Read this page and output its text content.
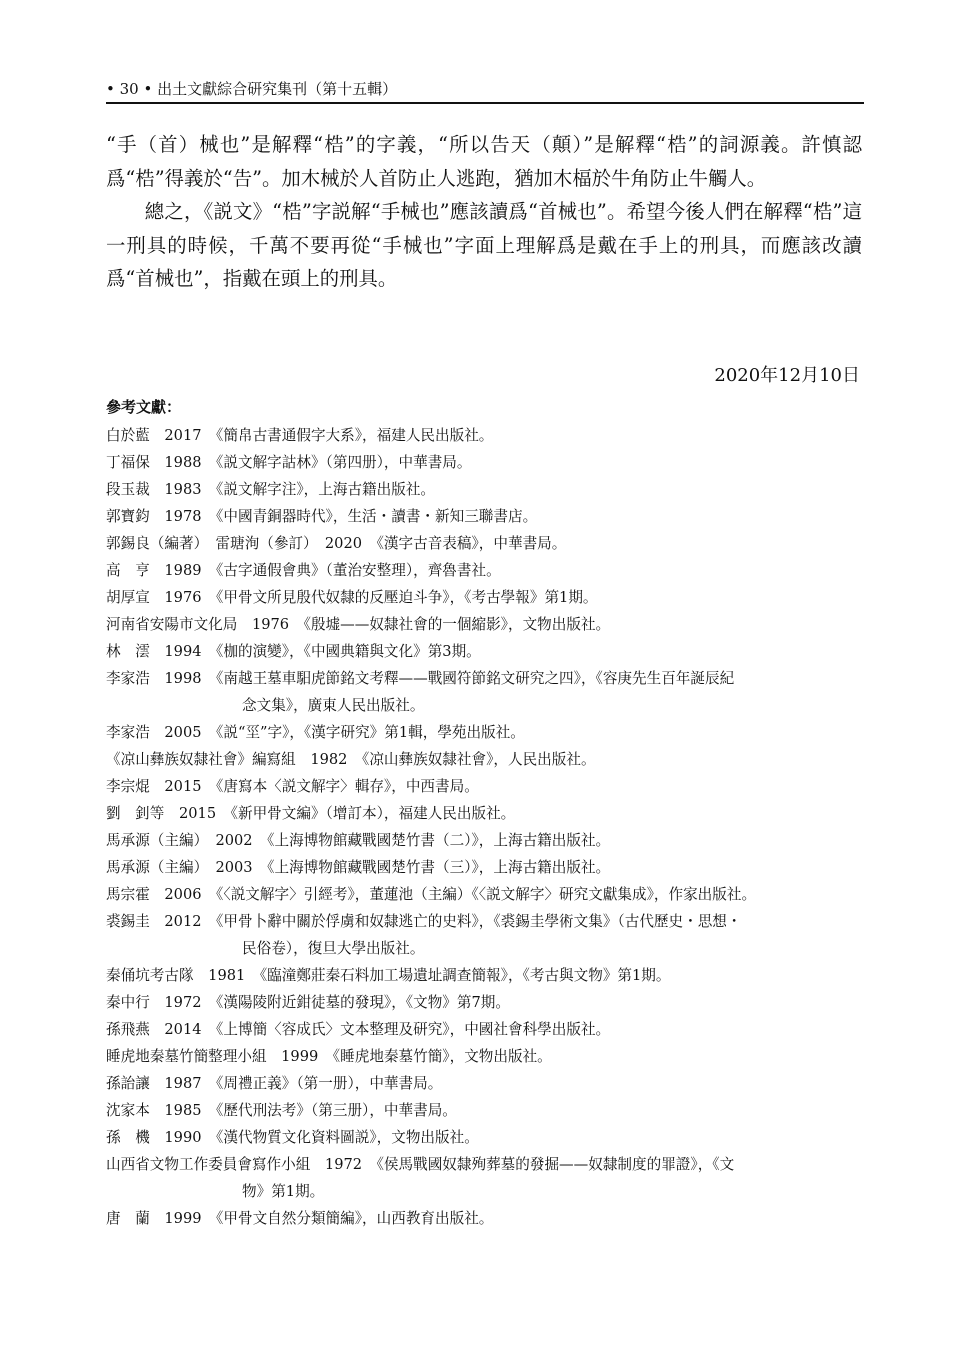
• 30 • 出土文獻綜合研究集刊（第十五輯）

“手（首）械也”是解釋“梏”的字義，“所以告天（顛）”是解釋“梏”的詞源義。許慎認爲“梏”得義於“告”。加木械於人首防止人逃跑，猶加木楅於牛角防止牛觸人。

總之，《説文》“梏”字説解“手械也”應該讀爲“首械也”。希望今後人們在解釋“梏”這一刑具的時候，千萬不要再從“手械也”字面上理解爲是戴在手上的刑具，而應該改讀爲“首械也”，指戴在頭上的刑具。

2020年12月10日
參考文獻：
白於藍　2017　《簡帛古書通假字大系》，福建人民出版社。
丁福保　1988　《説文解字詁林》（第四册），中華書局。
段玉裁　1983　《説文解字注》，上海古籍出版社。
郭寶鈞　1978　《中國青銅器時代》，生活・讀書・新知三聯書店。
郭錫良（編著）　雷瑭洵（參訂）　2020　《漢字古音表稿》，中華書局。
高　亨　1989　《古字通假會典》（董治安整理），齊魯書社。
胡厚宣　1976　《甲骨文所見殷代奴隸的反壓迫斗争》，《考古學報》第1期。
河南省安陽市文化局　1976　《殷墟——奴隸社會的一個縮影》，文物出版社。
林　澐　1994　《枷的演變》，《中國典籍與文化》第3期。
李家浩　1998　《南越王墓車馹虎節銘文考釋——戰國符節銘文研究之四》，《容庚先生百年誕辰紀
念文集》，廣東人民出版社。
李家浩　2005　《説“坙”字》，《漢字研究》第1輯，學苑出版社。
《凉山彝族奴隸社會》編寫組　1982　《凉山彝族奴隸社會》，人民出版社。
李宗焜　2015　《唐寫本〈説文解字〉輯存》，中西書局。
劉　釗等　2015　《新甲骨文編》（增訂本），福建人民出版社。
馬承源（主編）　2002　《上海博物館藏戰國楚竹書（二）》，上海古籍出版社。
馬承源（主編）　2003　《上海博物館藏戰國楚竹書（三）》，上海古籍出版社。
馬宗霍　2006　《〈説文解字〉引經考》，董蓮池（主編）《〈説文解字〉研究文獻集成》，作家出版社。
裘錫圭　2012　《甲骨卜辭中關於俘虜和奴隸逃亡的史料》，《裘錫圭學術文集》（古代歷史・思想・
民俗卷），復旦大學出版社。
秦俑坑考古隊　1981　《臨潼鄭莊秦石料加工場遺址調查簡報》，《考古與文物》第1期。
秦中行　1972　《漢陽陵附近鉗徒墓的發現》，《文物》第7期。
孫飛燕　2014　《上博簡〈容成氏〉文本整理及研究》，中國社會科學出版社。
睡虎地秦墓竹簡整理小組　1999　《睡虎地秦墓竹簡》，文物出版社。
孫詒讓　1987　《周禮正義》（第一册），中華書局。
沈家本　1985　《歷代刑法考》（第三册），中華書局。
孫　機　1990　《漢代物質文化資料圖説》，文物出版社。
山西省文物工作委員會寫作小組　1972　《侯馬戰國奴隸殉葬墓的發掘——奴隸制度的罪證》，《文
物》第1期。
唐　蘭　1999　《甲骨文自然分類簡編》，山西教育出版社。
